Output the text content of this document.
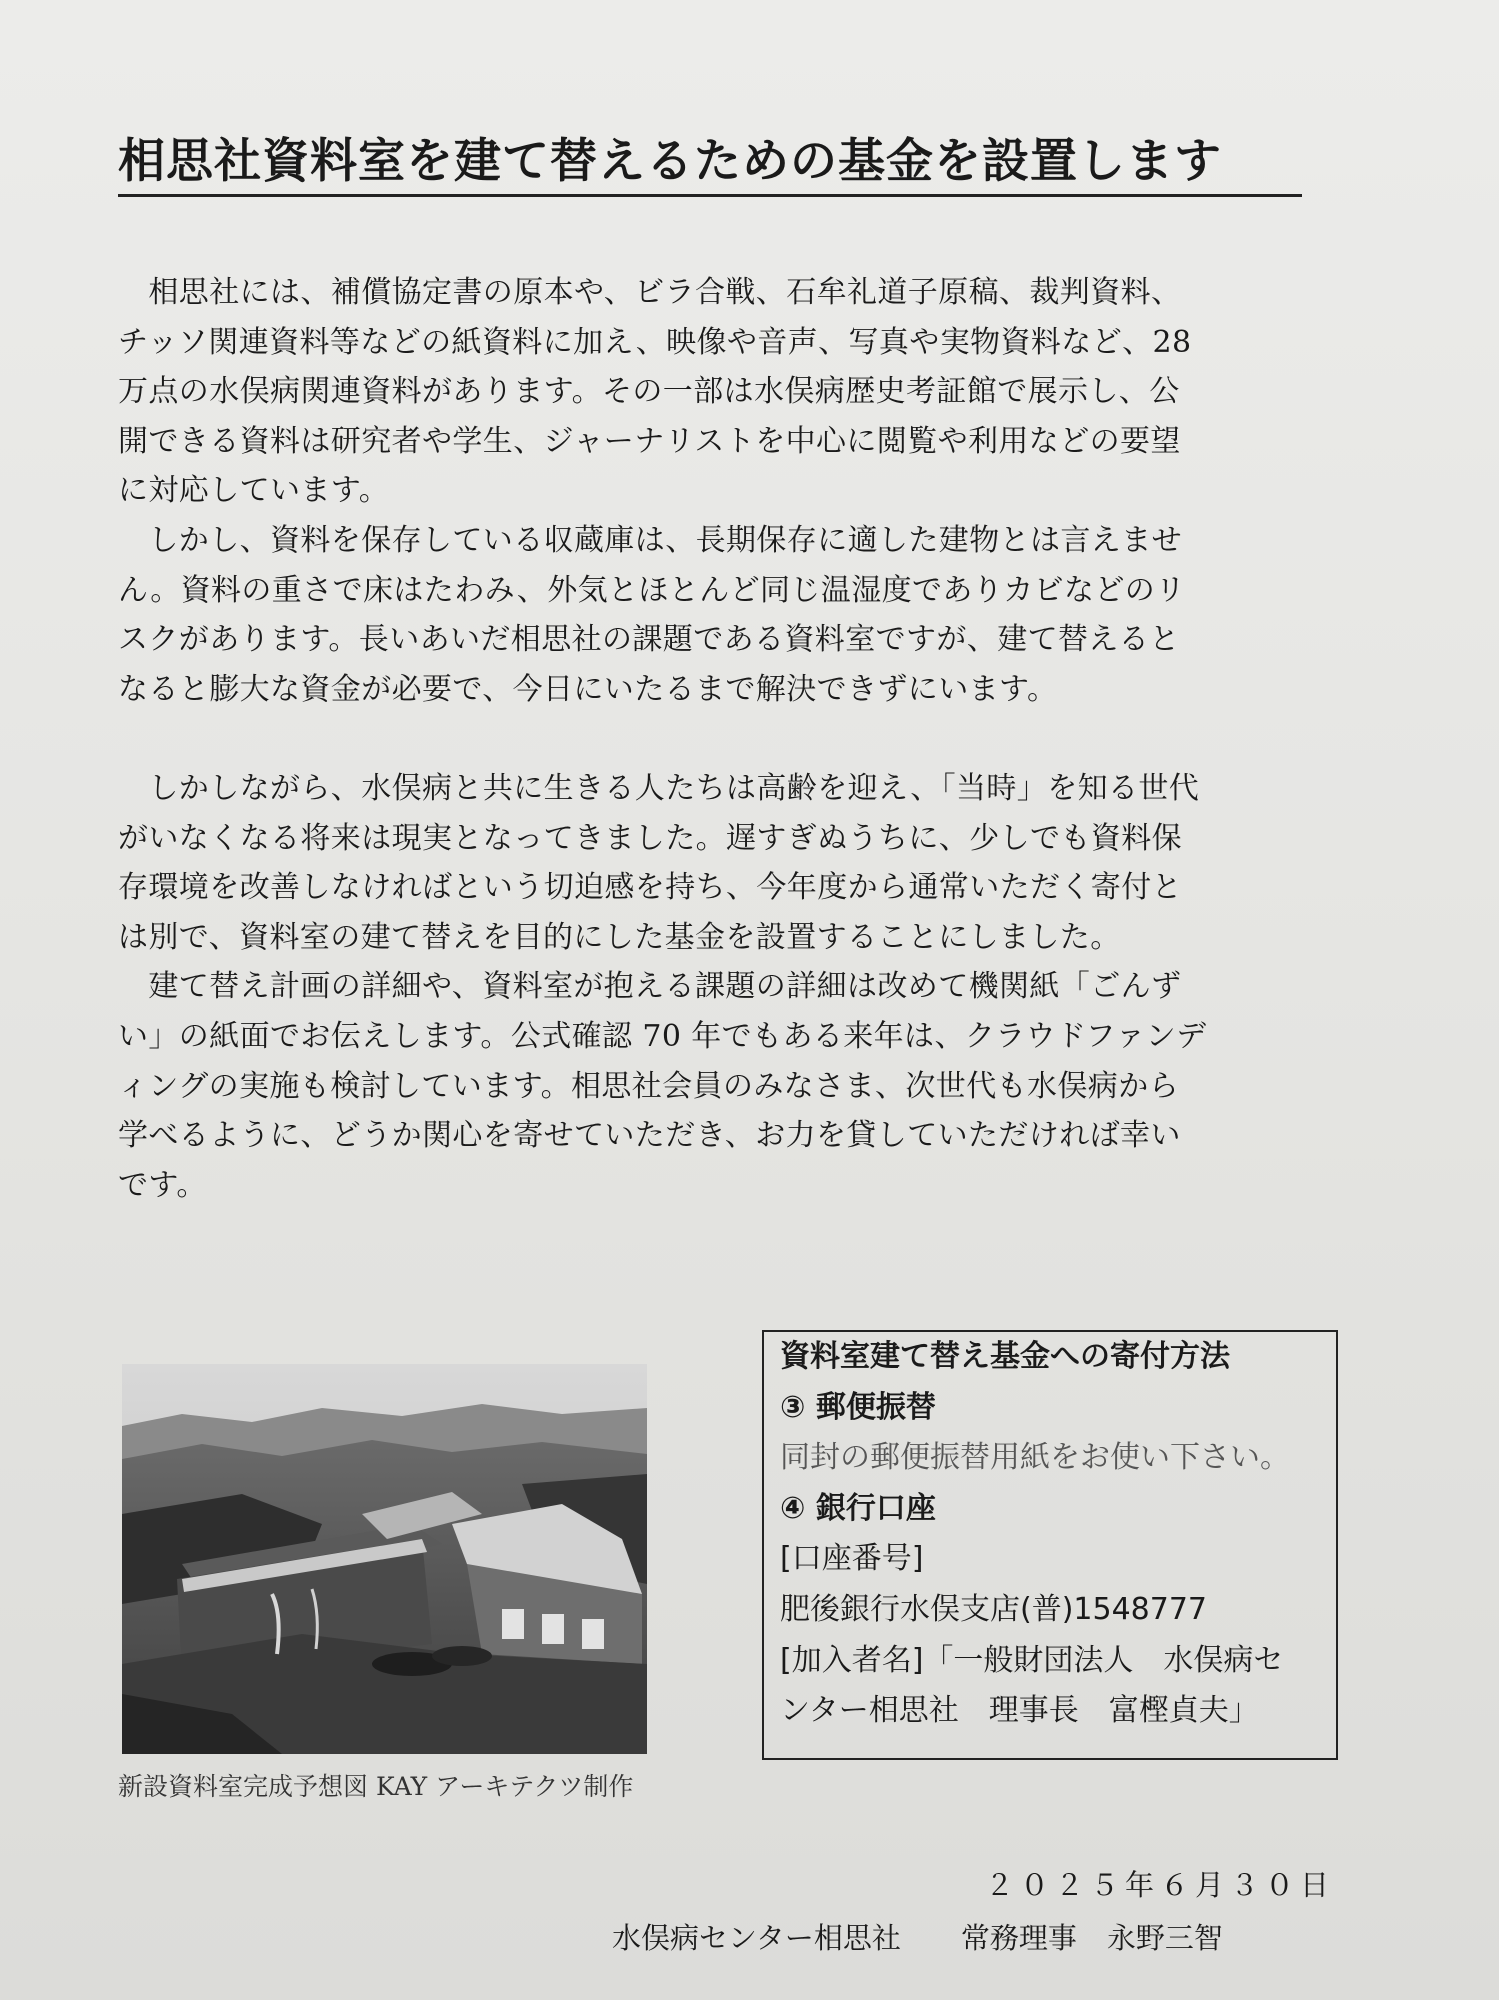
相思社資料室を建て替えるための基金を設置します
　相思社には、補償協定書の原本や、ビラ合戦、石牟礼道子原稿、裁判資料、
チッソ関連資料等などの紙資料に加え、映像や音声、写真や実物資料など、28
万点の水俣病関連資料があります。その一部は水俣病歴史考証館で展示し、公
開できる資料は研究者や学生、ジャーナリストを中心に閲覧や利用などの要望
に対応しています。
　しかし、資料を保存している収蔵庫は、長期保存に適した建物とは言えませ
ん。資料の重さで床はたわみ、外気とほとんど同じ温湿度でありカビなどのリ
スクがあります。長いあいだ相思社の課題である資料室ですが、建て替えると
なると膨大な資金が必要で、今日にいたるまで解決できずにいます。
　しかしながら、水俣病と共に生きる人たちは高齢を迎え、「当時」を知る世代
がいなくなる将来は現実となってきました。遅すぎぬうちに、少しでも資料保
存環境を改善しなければという切迫感を持ち、今年度から通常いただく寄付と
は別で、資料室の建て替えを目的にした基金を設置することにしました。
　建て替え計画の詳細や、資料室が抱える課題の詳細は改めて機関紙「ごんず
い」の紙面でお伝えします。公式確認 70 年でもある来年は、クラウドファンデ
ィングの実施も検討しています。相思社会員のみなさま、次世代も水俣病から
学べるように、どうか関心を寄せていただき、お力を貸していただければ幸い
です。
新設資料室完成予想図 KAY アーキテクツ制作
資料室建て替え基金への寄付方法
③ 郵便振替
同封の郵便振替用紙をお使い下さい。
④ 銀行口座
[口座番号]
肥後銀行水俣支店(普)1548777
[加入者名]「一般財団法人　水俣病セ
ンター相思社　理事長　富樫貞夫」
２０２５年６月３０日
水俣病センター相思社 常務理事 永野三智
